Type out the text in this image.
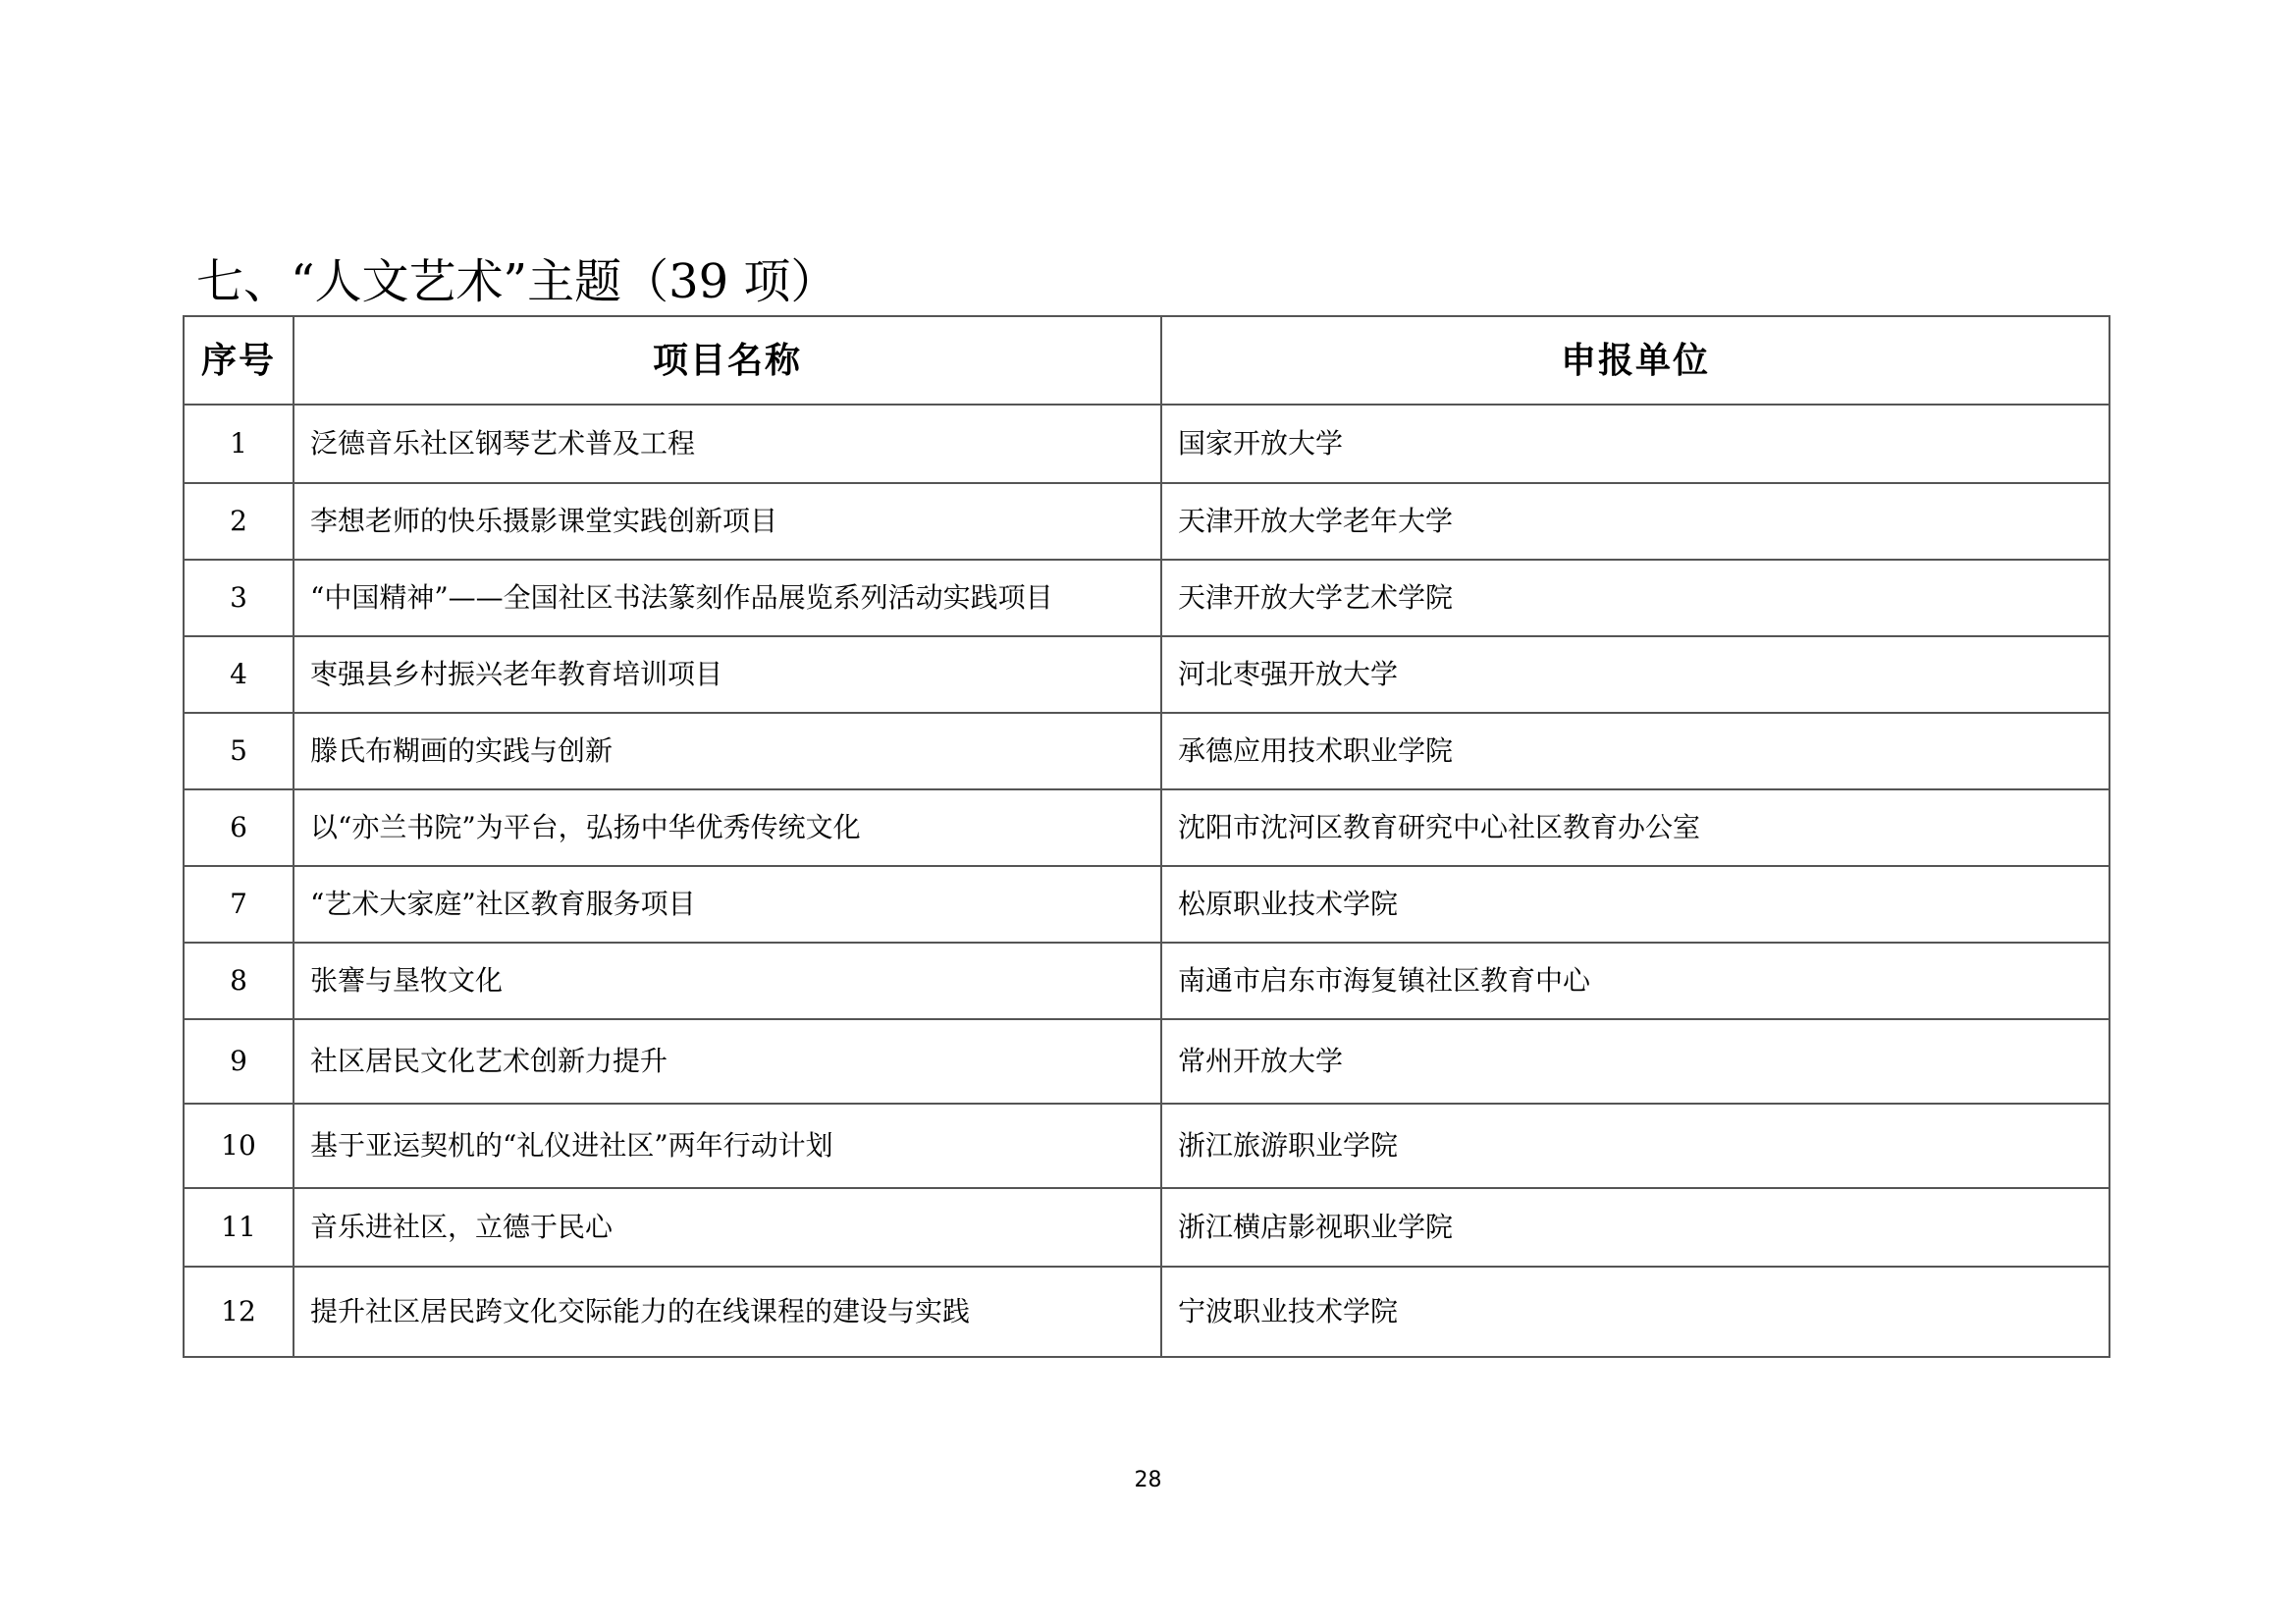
七、“人文艺术”主题（39 项）
序号	项目名称	申报单位
1	泛德音乐社区钢琴艺术普及工程	国家开放大学
2	李想老师的快乐摄影课堂实践创新项目	天津开放大学老年大学
3	“中国精神”——全国社区书法篆刻作品展览系列活动实践项目	天津开放大学艺术学院
4	枣强县乡村振兴老年教育培训项目	河北枣强开放大学
5	滕氏布糊画的实践与创新	承德应用技术职业学院
6	以“亦兰书院”为平台，弘扬中华优秀传统文化	沈阳市沈河区教育研究中心社区教育办公室
7	“艺术大家庭”社区教育服务项目	松原职业技术学院
8	张謇与垦牧文化	南通市启东市海复镇社区教育中心
9	社区居民文化艺术创新力提升	常州开放大学
10	基于亚运契机的“礼仪进社区”两年行动计划	浙江旅游职业学院
11	音乐进社区，立德于民心	浙江横店影视职业学院
12	提升社区居民跨文化交际能力的在线课程的建设与实践	宁波职业技术学院
28
